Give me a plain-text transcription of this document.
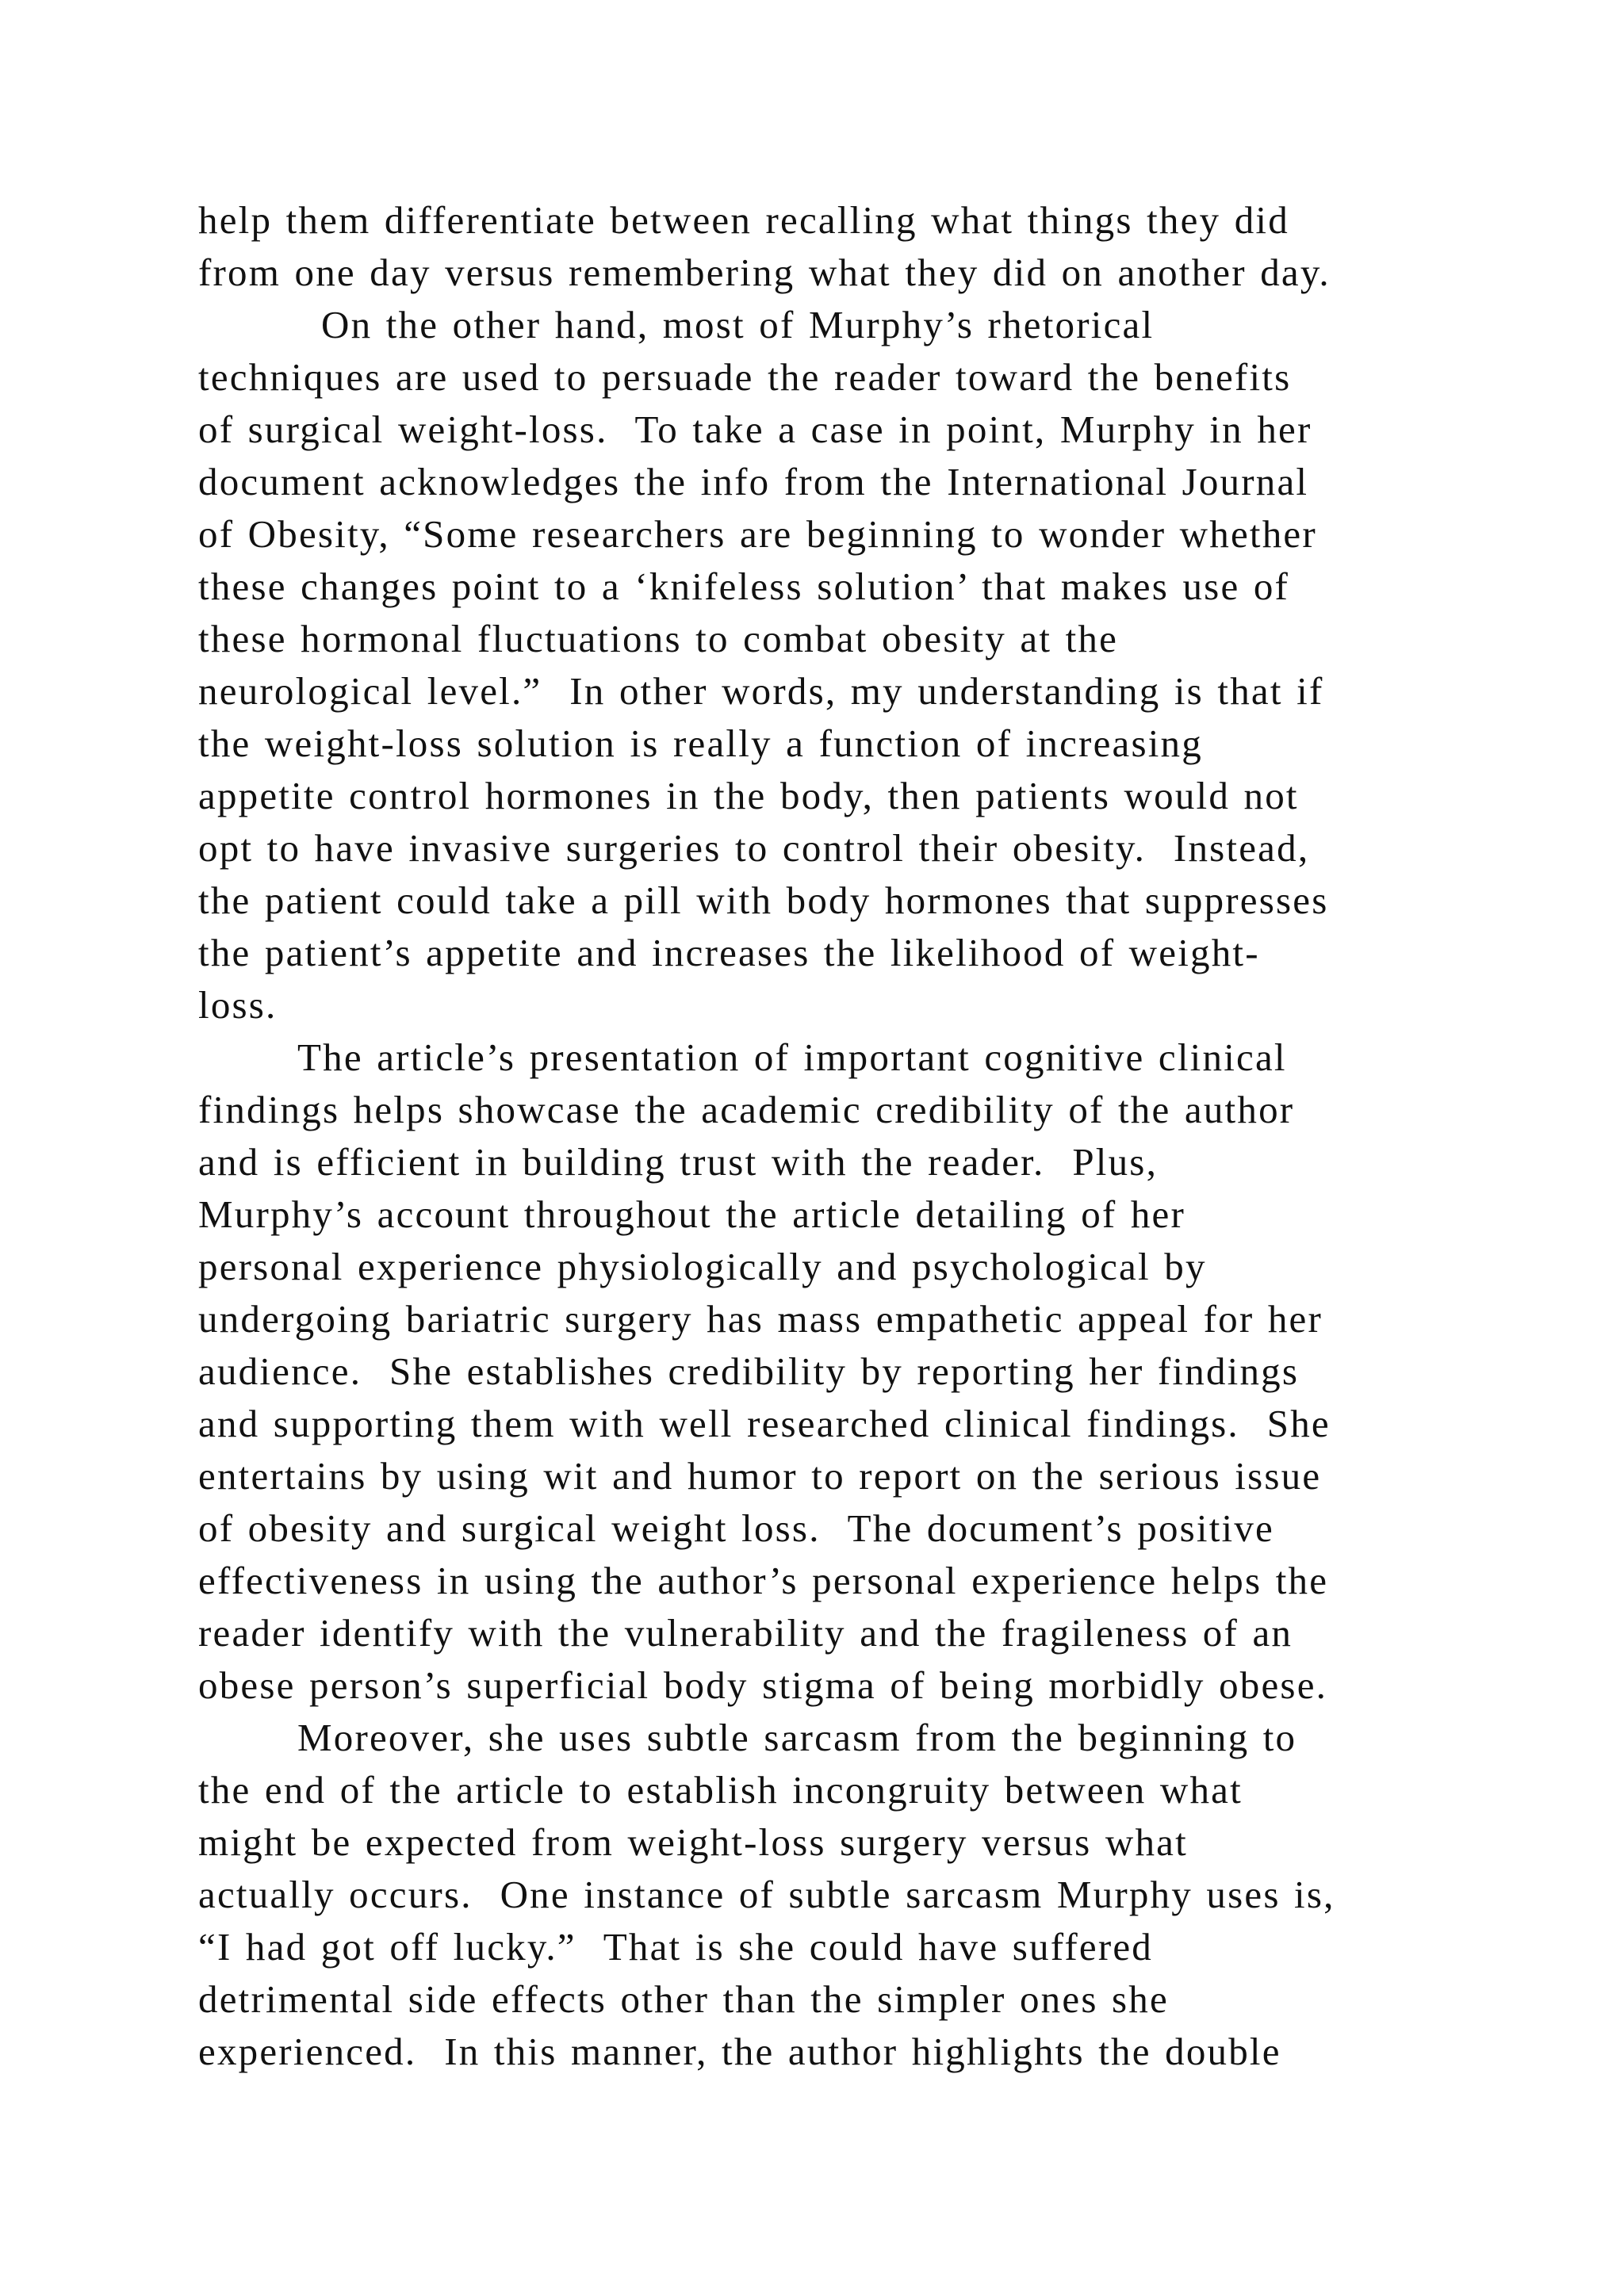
help them differentiate between recalling what things they did
from one day versus remembering what they did on another day.
On the other hand, most of Murphy’s rhetorical
techniques are used to persuade the reader toward the benefits
of surgical weight-loss.  To take a case in point, Murphy in her
document acknowledges the info from the International Journal
of Obesity, “Some researchers are beginning to wonder whether
these changes point to a ‘knifeless solution’ that makes use of
these hormonal fluctuations to combat obesity at the
neurological level.”  In other words, my understanding is that if
the weight-loss solution is really a function of increasing
appetite control hormones in the body, then patients would not
opt to have invasive surgeries to control their obesity.  Instead,
the patient could take a pill with body hormones that suppresses
the patient’s appetite and increases the likelihood of weight-
loss.
The article’s presentation of important cognitive clinical
findings helps showcase the academic credibility of the author
and is efficient in building trust with the reader.  Plus,
Murphy’s account throughout the article detailing of her
personal experience physiologically and psychological by
undergoing bariatric surgery has mass empathetic appeal for her
audience.  She establishes credibility by reporting her findings
and supporting them with well researched clinical findings.  She
entertains by using wit and humor to report on the serious issue
of obesity and surgical weight loss.  The document’s positive
effectiveness in using the author’s personal experience helps the
reader identify with the vulnerability and the fragileness of an
obese person’s superficial body stigma of being morbidly obese.
Moreover, she uses subtle sarcasm from the beginning to
the end of the article to establish incongruity between what
might be expected from weight-loss surgery versus what
actually occurs.  One instance of subtle sarcasm Murphy uses is,
“I had got off lucky.”  That is she could have suffered
detrimental side effects other than the simpler ones she
experienced.  In this manner, the author highlights the double
